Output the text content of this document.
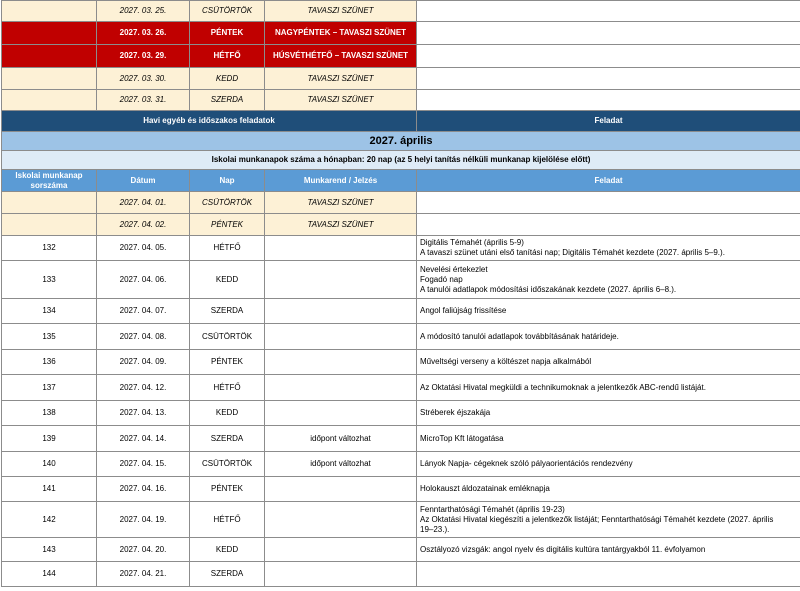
	2027. 03. 25.	CSÜTÖRTÖK	TAVASZI SZÜNET	
	2027. 03. 26.	PÉNTEK	NAGYPÉNTEK – TAVASZI SZÜNET	
	2027. 03. 29.	HÉTFŐ	HÚSVÉTHÉTFŐ – TAVASZI SZÜNET	
	2027. 03. 30.	KEDD	TAVASZI SZÜNET	
	2027. 03. 31.	SZERDA	TAVASZI SZÜNET	
Havi egyéb és időszakos feladatok				Feladat
2027. április				
Iskolai munkanapok száma a hónapban: 20 nap (az 5 helyi tanítás nélküli munkanap kijelölése előtt)				
Iskolai munkanap sorszáma	Dátum	Nap	Munkarend / Jelzés	Feladat
	2027. 04. 01.	CSÜTÖRTÖK	TAVASZI SZÜNET	
	2027. 04. 02.	PÉNTEK	TAVASZI SZÜNET	
132	2027. 04. 05.	HÉTFŐ		Digitális Témahét (április 5-9)
A tavaszi szünet utáni első tanítási nap; Digitális Témahét kezdete (2027. április 5–9.).

133	2027. 04. 06.	KEDD		Nevelési értekezlet
Fogadó nap
A tanulói adatlapok módosítási időszakának kezdete (2027. április 6–8.).

134	2027. 04. 07.	SZERDA		Angol faliújság frissítése

135	2027. 04. 08.	CSÜTÖRTÖK		A módosító tanulói adatlapok továbbításának határideje.

136	2027. 04. 09.	PÉNTEK		Műveltségi verseny a költészet napja alkalmából

137	2027. 04. 12.	HÉTFŐ		Az Oktatási Hivatal megküldi a technikumoknak a jelentkezők ABC-rendű listáját.

138	2027. 04. 13.	KEDD		Stréberek éjszakája

139	2027. 04. 14.	SZERDA	időpont változhat	MicroTop Kft látogatása

140	2027. 04. 15.	CSÜTÖRTÖK	időpont változhat	Lányok Napja- cégeknek szóló pályaorientációs rendezvény

141	2027. 04. 16.	PÉNTEK		Holokauszt áldozatainak emléknapja

142	2027. 04. 19.	HÉTFŐ		Fenntarthatósági Témahét (április 19-23)
Az Oktatási Hivatal kiegészíti a jelentkezők listáját; Fenntarthatósági Témahét kezdete (2027. április
19–23.).

143	2027. 04. 20.	KEDD		Osztályozó vizsgák: angol nyelv és digitális kultúra tantárgyakból 11. évfolyamon

144	2027. 04. 21.	SZERDA		
